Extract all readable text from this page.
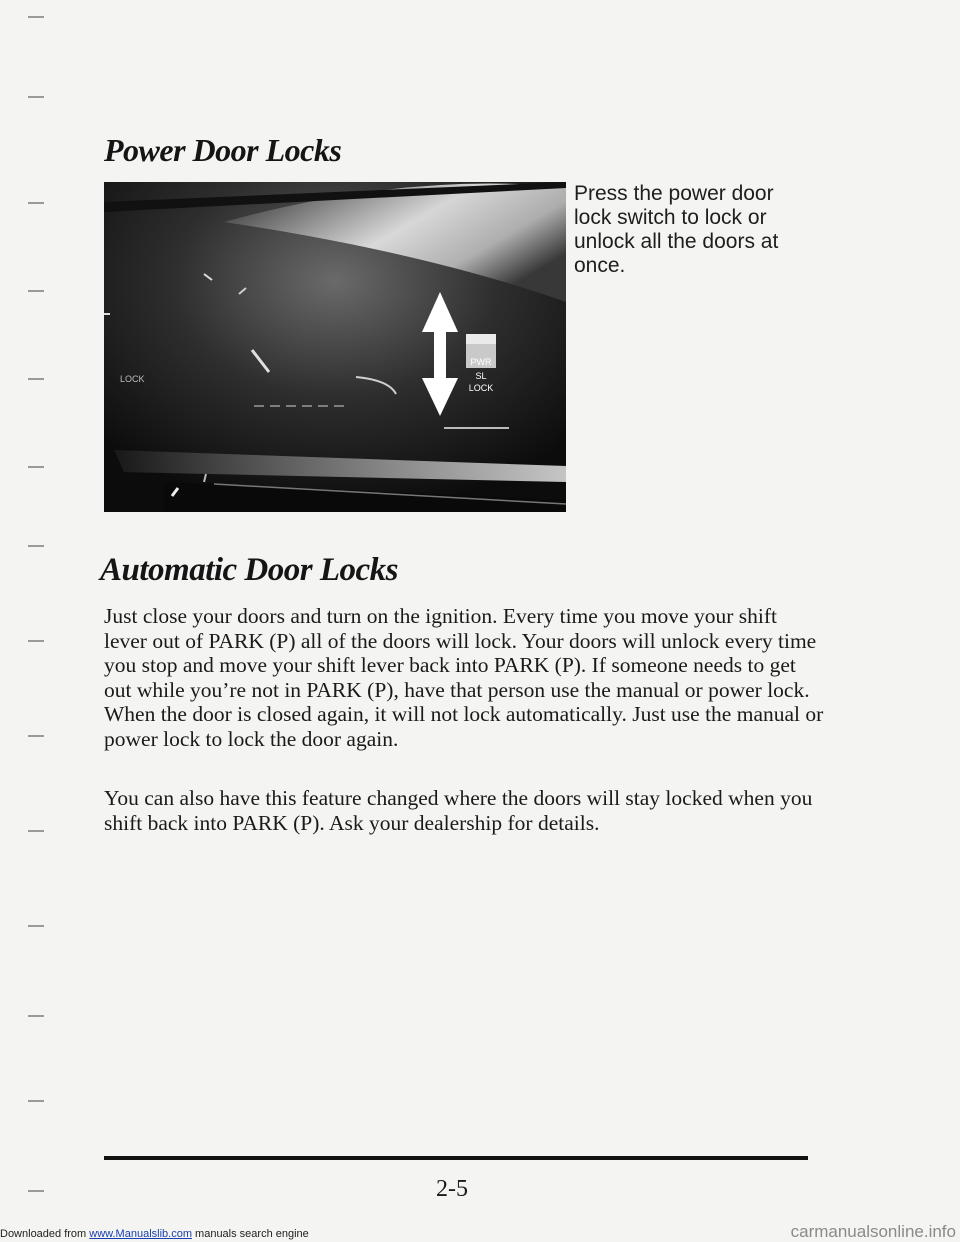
Power Door Locks
PWR
SL
LOCK
LOCK

Press the power door lock switch to lock or unlock all the doors at once.

Automatic Door Locks

Just close your doors and turn on the ignition. Every time you move your shift lever out of PARK (P) all of the doors will lock. Your doors will unlock every time you stop and move your shift lever back into PARK (P). If someone needs to get out while you’re not in PARK (P), have that person use the manual or power lock. When the door is closed again, it will not lock automatically. Just use the manual or power lock to lock the door again.

You can also have this feature changed where the doors will stay locked when you shift back into PARK (P). Ask your dealership for details.

2-5
Downloaded from www.Manualslib.com manuals search engine	carmanualsonline.info
